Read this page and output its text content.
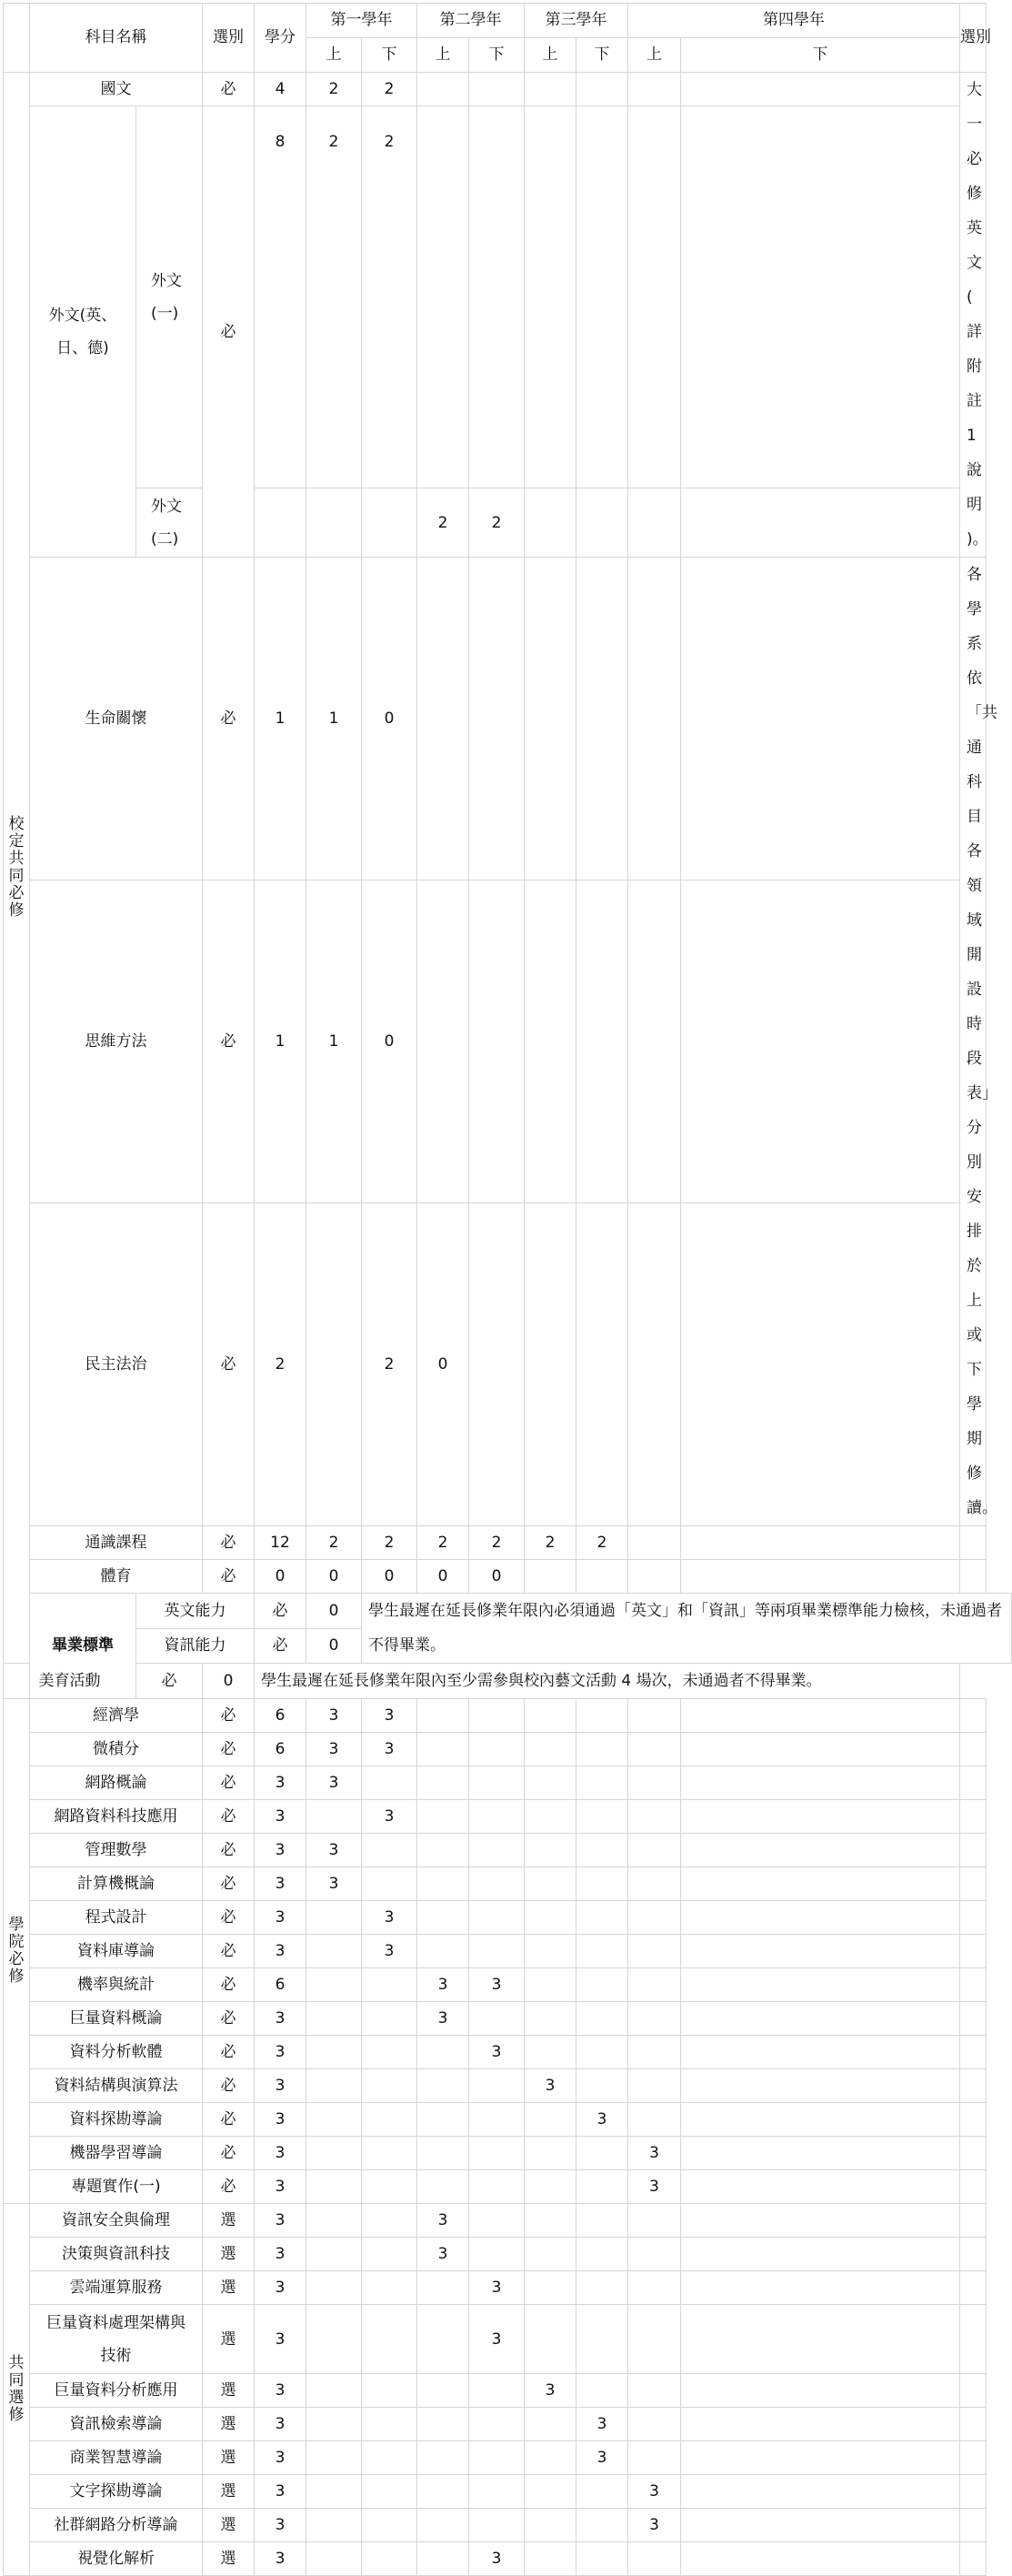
	科目名稱		選別	學分	第一學年		第二學年		第三學年		第四學年		選別
					上	下	上	下	上	下	上	下	
校定共同必修	國文		必	4	2	2							大一必修英文( 詳附註1說明 )。
	外文(英、日、德)	外文(一)	必	8	2	2							
		外文(二)					2	2					
	生命關懷		必	1	1	0							各學系依「共通科目各領域開設時段表」分別安排於上或下學期修讀。
	思維方法		必	1	1	0							
	民主法治		必	2		2	0						
	通識課程		必	12	2	2	2	2	2	2			
	體育		必	0	0	0	0	0					
	畢業標準	英文能力		必	0	學生最遲在延長修業年限內必須通過「英文」和「資訊」等兩項畢業標準能力檢核，未通過者不得畢業。							
		資訊能力		必	0								
美育活動		必	0	學生最遲在延長修業年限內至少需參與校內藝文活動 4 場次，未通過者不得畢業。									
學院必修	經濟學		必	6	3	3							
	微積分		必	6	3	3							
	網路概論		必	3	3								
	網路資料科技應用		必	3		3							
	管理數學		必	3	3								
	計算機概論		必	3	3								
	程式設計		必	3		3							
	資料庫導論		必	3		3							
	機率與統計		必	6			3	3					
	巨量資料概論		必	3			3						
	資料分析軟體		必	3				3					
	資料結構與演算法		必	3					3				
	資料探勘導論		必	3						3			
	機器學習導論		必	3							3		
	專題實作(一)		必	3							3		
共同選修	資訊安全與倫理		選	3			3						
	決策與資訊科技		選	3			3						
	雲端運算服務		選	3				3					
	巨量資料處理架構與技術		選	3				3					
	巨量資料分析應用		選	3					3				
	資訊檢索導論		選	3						3			
	商業智慧導論		選	3						3			
	文字探勘導論		選	3							3		
	社群網路分析導論		選	3							3		
	視覺化解析		選	3				3					
